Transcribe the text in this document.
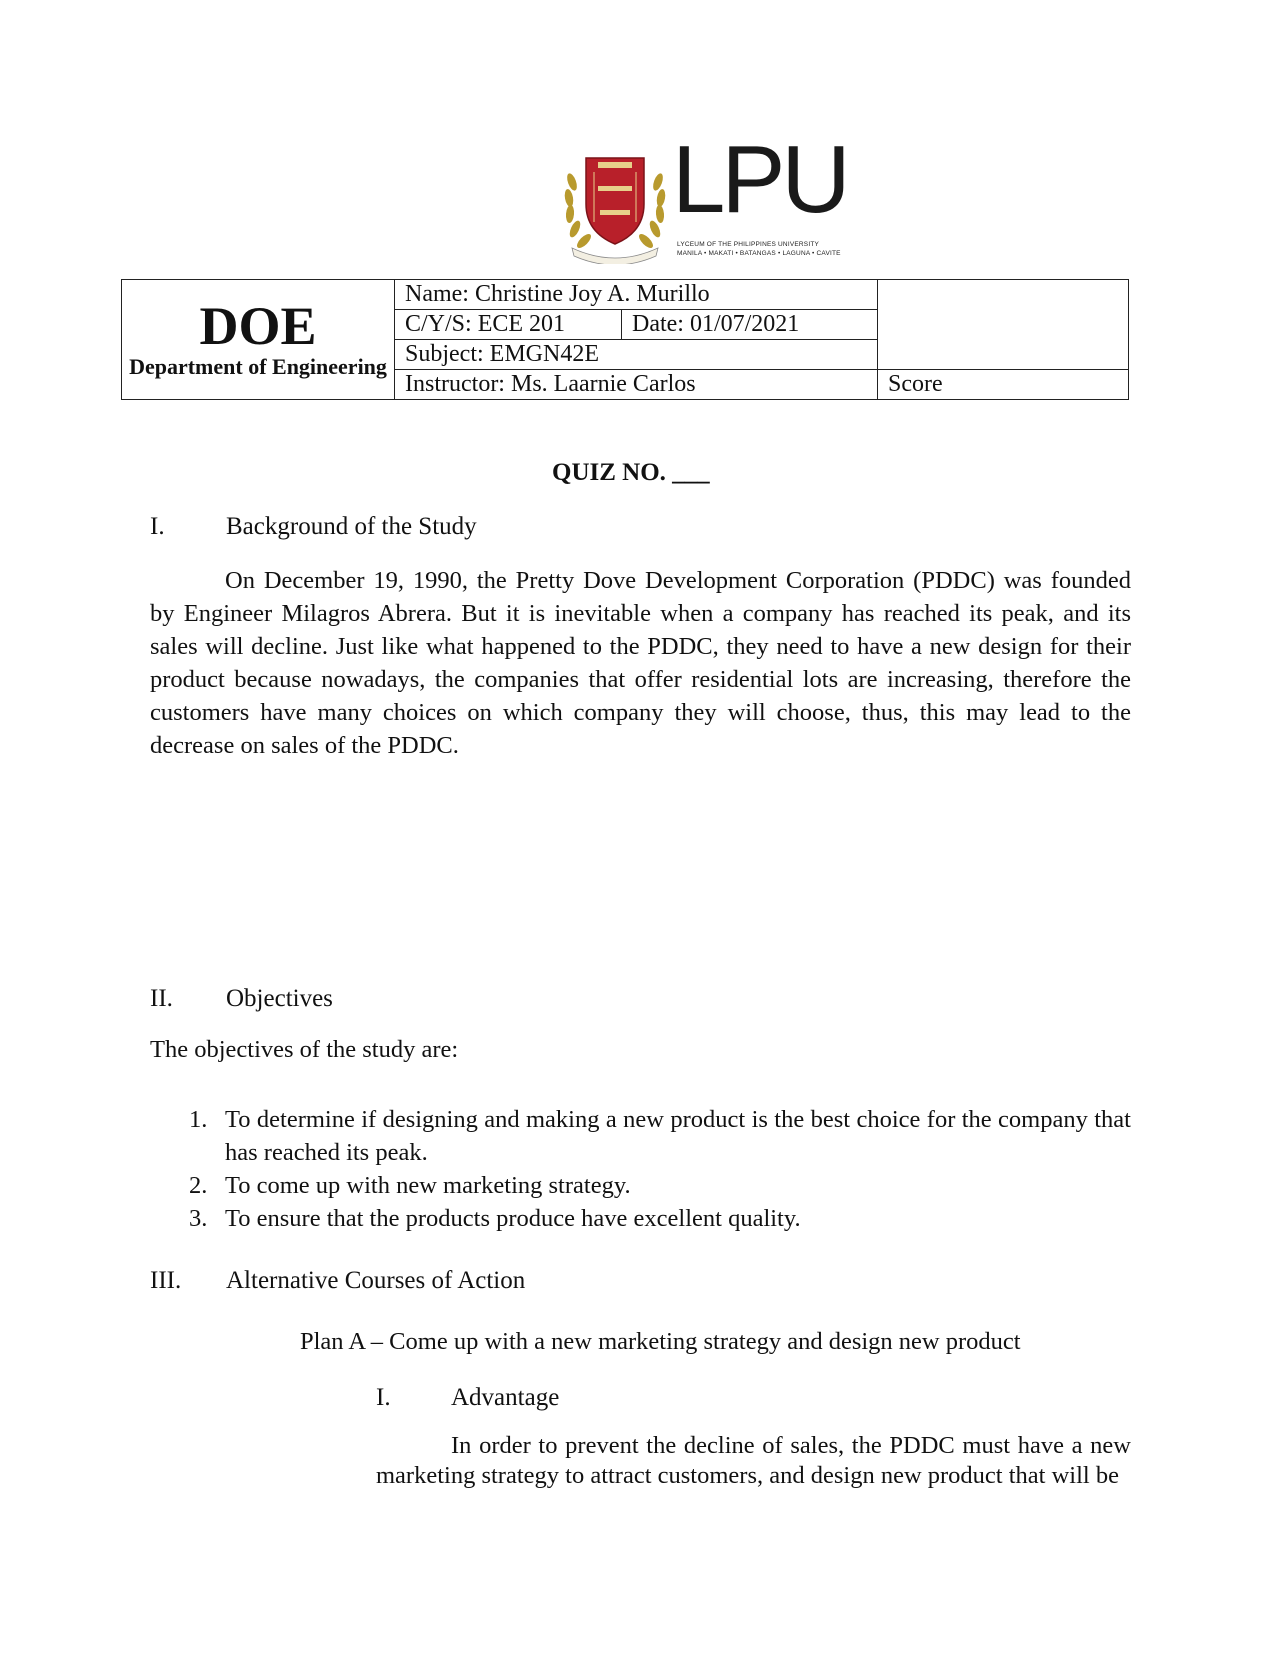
LPU
LYCEUM OF THE PHILIPPINES UNIVERSITY
MANILA • MAKATI • BATANGAS • LAGUNA • CAVITE
DOE
Department of Engineering	Name: Christine Joy A. Murillo		
	C/Y/S: ECE 201	Date: 01/07/2021	
	Subject: EMGN42E		
	Instructor: Ms. Laarnie Carlos		Score
QUIZ NO. ___
I. Background of the Study
On December 19, 1990, the Pretty Dove Development Corporation (PDDC) was founded by Engineer Milagros Abrera. But it is inevitable when a company has reached its peak, and its sales will decline. Just like what happened to the PDDC, they need to have a new design for their product because nowadays, the companies that offer residential lots are increasing, therefore the customers have many choices on which company they will choose, thus, this may lead to the decrease on sales of the PDDC.
II. Objectives
The objectives of the study are:
1. To determine if designing and making a new product is the best choice for the company that has reached its peak.
2. To come up with new marketing strategy.
3. To ensure that the products produce have excellent quality.
III. Alternative Courses of Action
Plan A – Come up with a new marketing strategy and design new product
I. Advantage
In order to prevent the decline of sales, the PDDC must have a new marketing strategy to attract customers, and design new product that will be
